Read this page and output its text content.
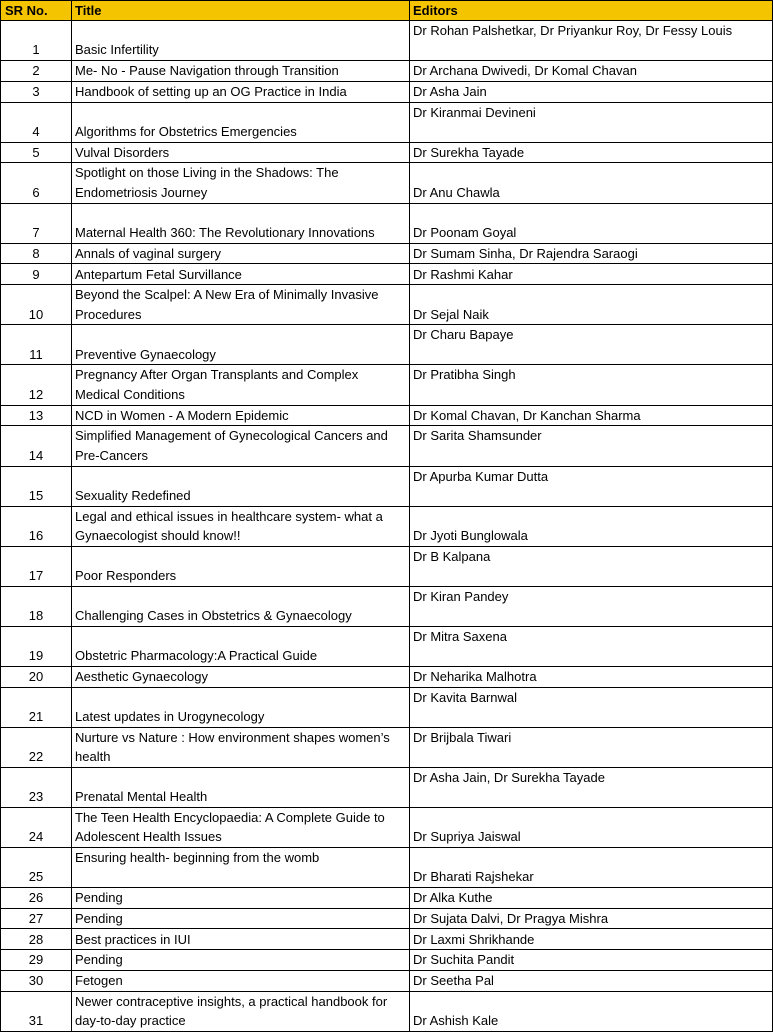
SR No.	Title	Editors
1	Basic Infertility	Dr Rohan Palshetkar, Dr Priyankur Roy, Dr Fessy Louis
2	Me- No - Pause Navigation through Transition	Dr Archana Dwivedi, Dr Komal Chavan
3	Handbook of setting up an OG Practice in India	Dr Asha Jain
4	Algorithms for Obstetrics Emergencies	Dr Kiranmai Devineni
5	Vulval Disorders	Dr Surekha Tayade
6	Spotlight on those Living in the Shadows: The Endometriosis Journey	Dr Anu Chawla
7	Maternal Health 360: The Revolutionary Innovations	Dr Poonam Goyal
8	Annals of vaginal surgery	Dr Sumam Sinha, Dr Rajendra Saraogi
9	Antepartum Fetal Survillance	Dr Rashmi Kahar
10	Beyond the Scalpel: A New Era of Minimally Invasive Procedures	Dr Sejal Naik
11	Preventive Gynaecology	Dr Charu Bapaye
12	Pregnancy After Organ Transplants and Complex Medical Conditions	Dr Pratibha Singh
13	NCD in Women - A Modern Epidemic	Dr Komal Chavan, Dr Kanchan Sharma
14	Simplified Management of Gynecological Cancers and Pre-Cancers	Dr Sarita Shamsunder
15	Sexuality Redefined	Dr Apurba Kumar Dutta
16	Legal and ethical issues in healthcare system- what a Gynaecologist should know!!	Dr Jyoti Bunglowala
17	Poor Responders	Dr B Kalpana
18	Challenging Cases in Obstetrics & Gynaecology	Dr Kiran Pandey
19	Obstetric Pharmacology:A Practical Guide	Dr Mitra Saxena
20	Aesthetic Gynaecology	Dr Neharika Malhotra
21	Latest updates in Urogynecology	Dr Kavita Barnwal
22	Nurture vs Nature : How environment shapes women’s health	Dr Brijbala Tiwari
23	Prenatal Mental Health	Dr Asha Jain, Dr Surekha Tayade
24	The Teen Health Encyclopaedia: A Complete Guide to Adolescent Health Issues	Dr Supriya Jaiswal
25	Ensuring health- beginning from the womb	Dr Bharati Rajshekar
26	Pending	Dr Alka Kuthe
27	Pending	Dr Sujata Dalvi, Dr Pragya Mishra
28	Best practices in IUI	Dr Laxmi Shrikhande
29	Pending	Dr Suchita Pandit
30	Fetogen	Dr Seetha Pal
31	Newer contraceptive insights, a practical handbook for day-to-day practice	Dr Ashish Kale
